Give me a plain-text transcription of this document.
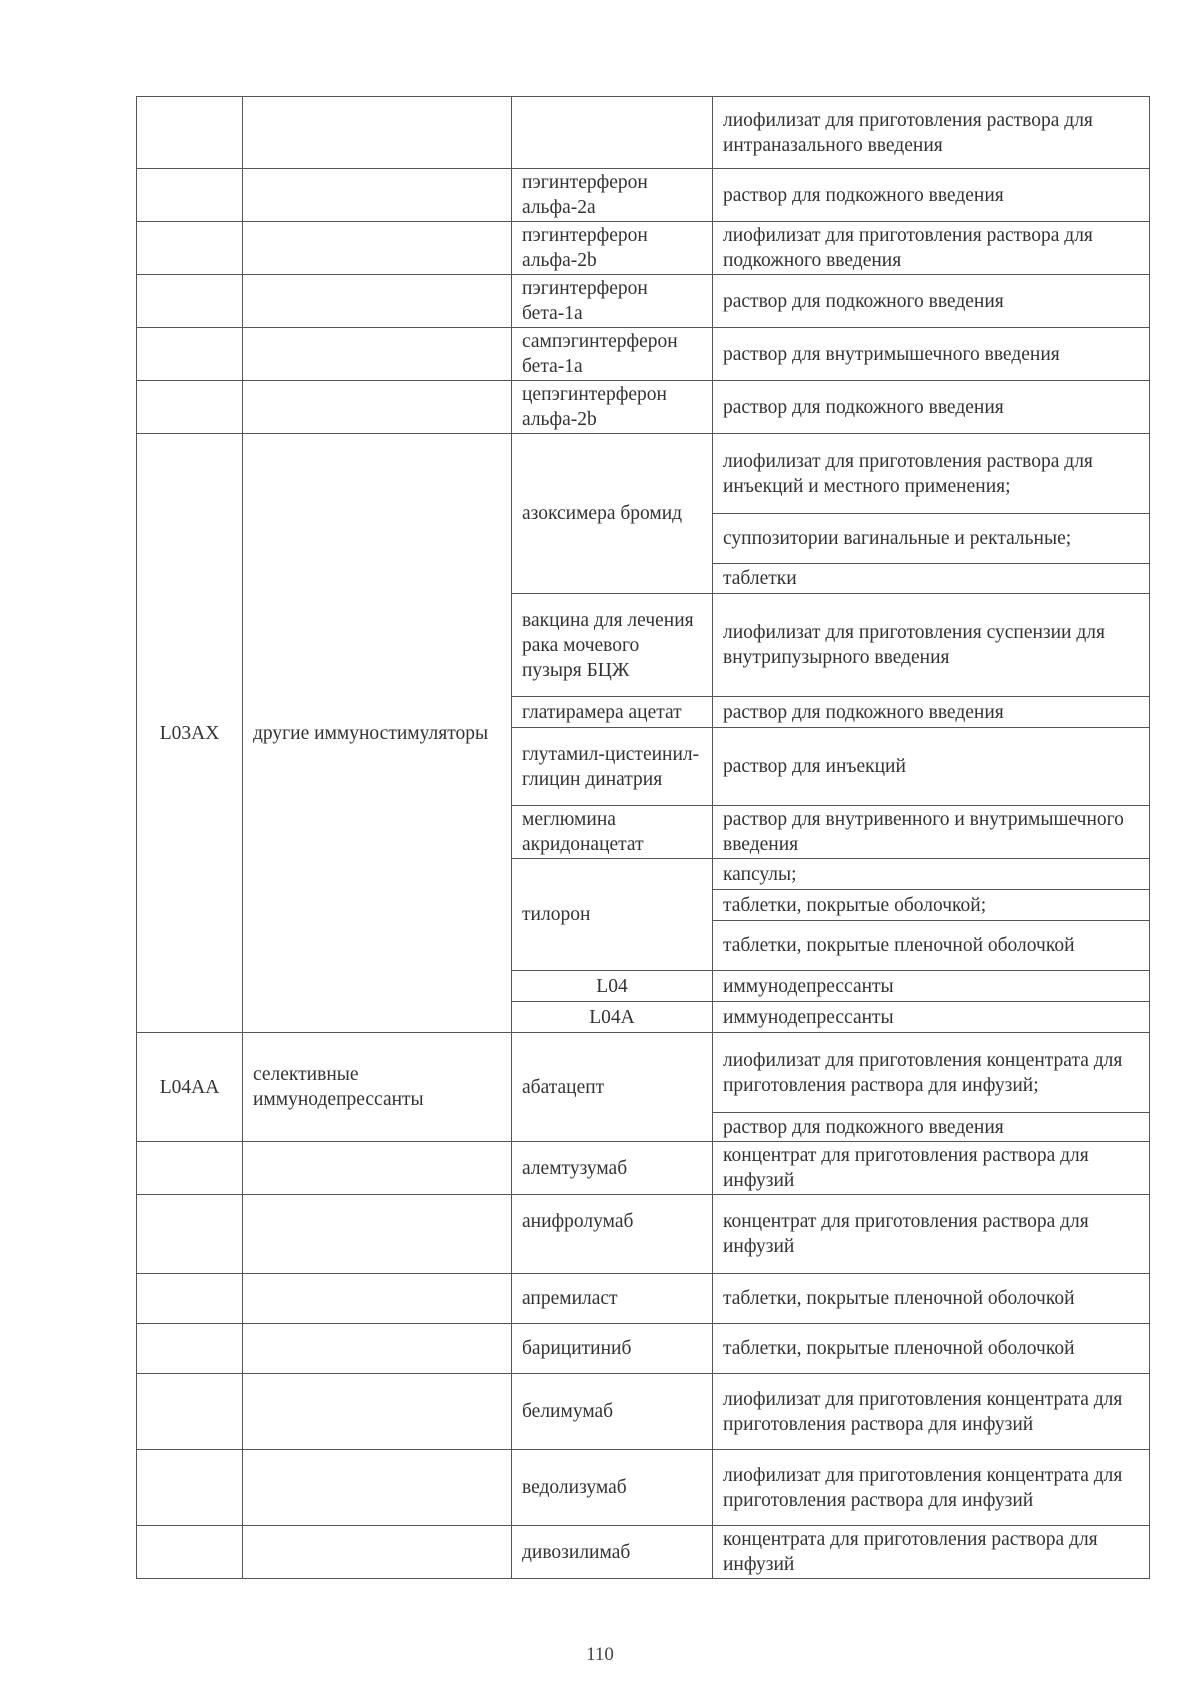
			лиофилизат для приготовления раствора для интраназального введения	
		пэгинтерферон альфа-2a	раствор для подкожного введения	
		пэгинтерферон альфа-2b	лиофилизат для приготовления раствора для подкожного введения	
		пэгинтерферон бета-1a	раствор для подкожного введения	
		сампэгинтерферон бета-1a	раствор для внутримышечного введения	
		цепэгинтерферон альфа-2b	раствор для подкожного введения	
L03AX	другие иммуностимуляторы	азоксимера бромид	лиофилизат для приготовления раствора для инъекций и местного применения;	
			суппозитории вагинальные и ректальные;	
			таблетки	
		вакцина для лечения рака мочевого пузыря БЦЖ	лиофилизат для приготовления суспензии для внутрипузырного введения	
		глатирамера ацетат	раствор для подкожного введения	
		глутамил-цистеинил-глицин динатрия	раствор для инъекций	
		меглюмина акридонацетат	раствор для внутривенного и внутримышечного введения	
		тилорон	капсулы;	
			таблетки, покрытые оболочкой;	
			таблетки, покрытые пленочной оболочкой	
		L04	иммунодепрессанты		
		L04A	иммунодепрессанты		
L04AA	селективные иммунодепрессанты	абатацепт	лиофилизат для приготовления концентрата для приготовления раствора для инфузий;	
			раствор для подкожного введения	
		алемтузумаб	концентрат для приготовления раствора для инфузий	
		анифролумаб	концентрат для приготовления раствора для инфузий	
		апремиласт	таблетки, покрытые пленочной оболочкой	
		барицитиниб	таблетки, покрытые пленочной оболочкой	
		белимумаб	лиофилизат для приготовления концентрата для приготовления раствора для инфузий	
		ведолизумаб	лиофилизат для приготовления концентрата для приготовления раствора для инфузий	
		дивозилимаб	концентрата для приготовления раствора для инфузий	
110
